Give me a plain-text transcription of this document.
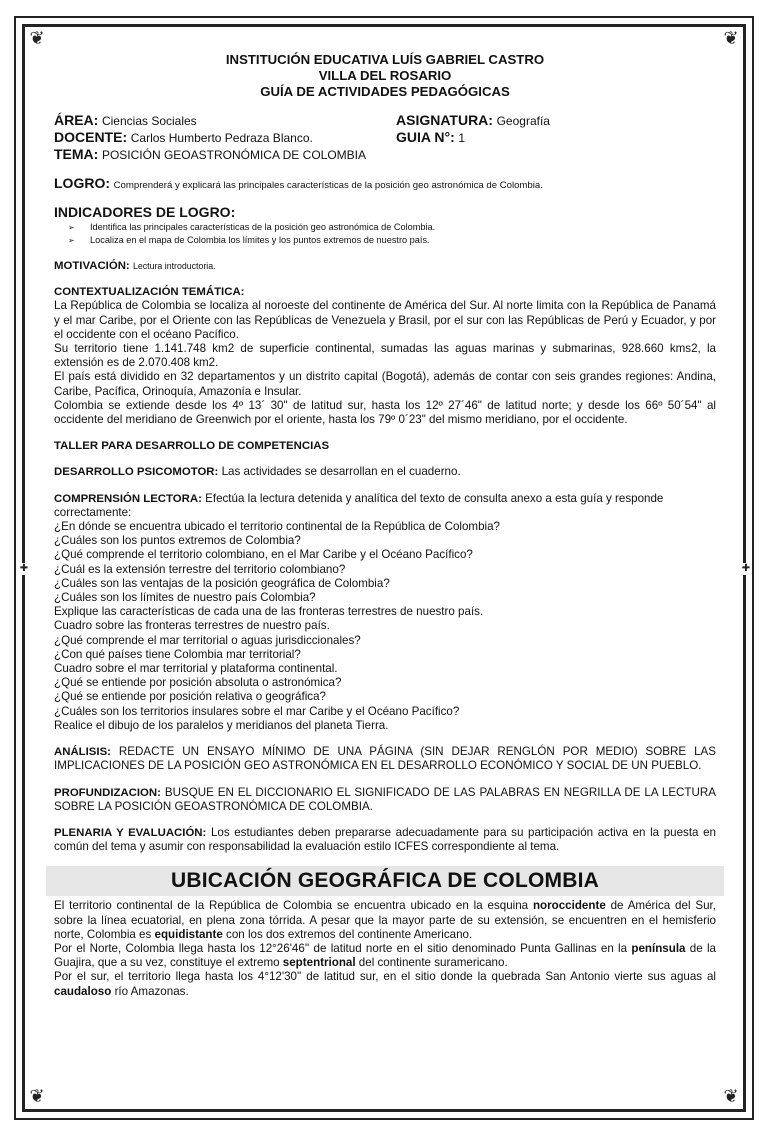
❦	❦
❦	❦
✚	✚
INSTITUCIÓN EDUCATIVA LUÍS GABRIEL CASTRO
VILLA DEL ROSARIO
GUÍA DE ACTIVIDADES PEDAGÓGICAS
ÁREA: Ciencias Sociales	ASIGNATURA: Geografía
DOCENTE: Carlos Humberto Pedraza Blanco.	GUIA N°: 1
TEMA: POSICIÓN GEOASTRONÓMICA DE COLOMBIA

LOGRO: Comprenderá y explicará las principales características de la posición geo astronómica de Colombia.

INDICADORES DE LOGRO:
➢ Identifica las principales características de la posición geo astronómica de Colombia.
➢ Localiza en el mapa de Colombia los límites y los puntos extremos de nuestro país.

MOTIVACIÓN: Lectura introductoria.

CONTEXTUALIZACIÓN TEMÁTICA:

La República de Colombia se localiza al noroeste del continente de América del Sur. Al norte limita con la República de Panamá y el mar Caribe, por el Oriente con las Repúblicas de Venezuela y Brasil, por el sur con las Repúblicas de Perú y Ecuador, y por el occidente con el océano Pacífico.

Su territorio tiene 1.141.748 km2 de superficie continental, sumadas las aguas marinas y submarinas, 928.660 kms2, la extensión es de 2.070.408 km2.

El país está dividido en 32 departamentos y un distrito capital (Bogotá), además de contar con seis grandes regiones: Andina, Caribe, Pacífica, Orinoquía, Amazonía e Insular.

Colombia se extiende desde los 4º 13´ 30" de latitud sur, hasta los 12º 27´46" de latitud norte; y desde los 66º 50´54" al occidente del meridiano de Greenwich por el oriente, hasta los 79º 0´23" del mismo meridiano, por el occidente.

TALLER PARA DESARROLLO DE COMPETENCIAS

DESARROLLO PSICOMOTOR: Las actividades se desarrollan en el cuaderno.

COMPRENSIÓN LECTORA: Efectúa la lectura detenida y analítica del texto de consulta anexo a esta guía y responde correctamente:

¿En dónde se encuentra ubicado el territorio continental de la República de Colombia?

¿Cuáles son los puntos extremos de Colombia?

¿Qué comprende el territorio colombiano, en el Mar Caribe y el Océano Pacífico?

¿Cuál es la extensión terrestre del territorio colombiano?

¿Cuáles son las ventajas de la posición geográfica de Colombia?

¿Cuáles son los límites de nuestro país Colombia?

Explique las características de cada una de las fronteras terrestres de nuestro país.

Cuadro sobre las fronteras terrestres de nuestro país.

¿Qué comprende el mar territorial o aguas jurisdiccionales?

¿Con qué países tiene Colombia mar territorial?

Cuadro sobre el mar territorial y plataforma continental.

¿Qué se entiende por posición absoluta o astronómica?

¿Qué se entiende por posición relativa o geográfica?

¿Cuáles son los territorios insulares sobre el mar Caribe y el Océano Pacífico?

Realice el dibujo de los paralelos y meridianos del planeta Tierra.

ANÁLISIS: REDACTE UN ENSAYO MÍNIMO DE UNA PÁGINA (SIN DEJAR RENGLÓN POR MEDIO) SOBRE LAS IMPLICACIONES DE LA POSICIÓN GEO ASTRONÓMICA EN EL DESARROLLO ECONÓMICO Y SOCIAL DE UN PUEBLO.

PROFUNDIZACION: BUSQUE EN EL DICCIONARIO EL SIGNIFICADO DE LAS PALABRAS EN NEGRILLA DE LA LECTURA SOBRE LA POSICIÓN GEOASTRONÓMICA DE COLOMBIA.

PLENARIA Y EVALUACIÓN: Los estudiantes deben prepararse adecuadamente para su participación activa en la puesta en común del tema y asumir con responsabilidad la evaluación estilo ICFES correspondiente al tema.

UBICACIÓN GEOGRÁFICA DE COLOMBIA

El territorio continental de la República de Colombia se encuentra ubicado en la esquina noroccidente de América del Sur, sobre la línea ecuatorial, en plena zona tórrida. A pesar que la mayor parte de su extensión, se encuentren en el hemisferio norte, Colombia es equidistante con los dos extremos del continente Americano.

Por el Norte, Colombia llega hasta los 12°26'46'' de latitud norte en el sitio denominado Punta Gallinas en la península de la Guajira, que a su vez, constituye el extremo septentrional del continente suramericano.

Por el sur, el territorio llega hasta los 4°12'30'' de latitud sur, en el sitio donde la quebrada San Antonio vierte sus aguas al caudaloso río Amazonas.
